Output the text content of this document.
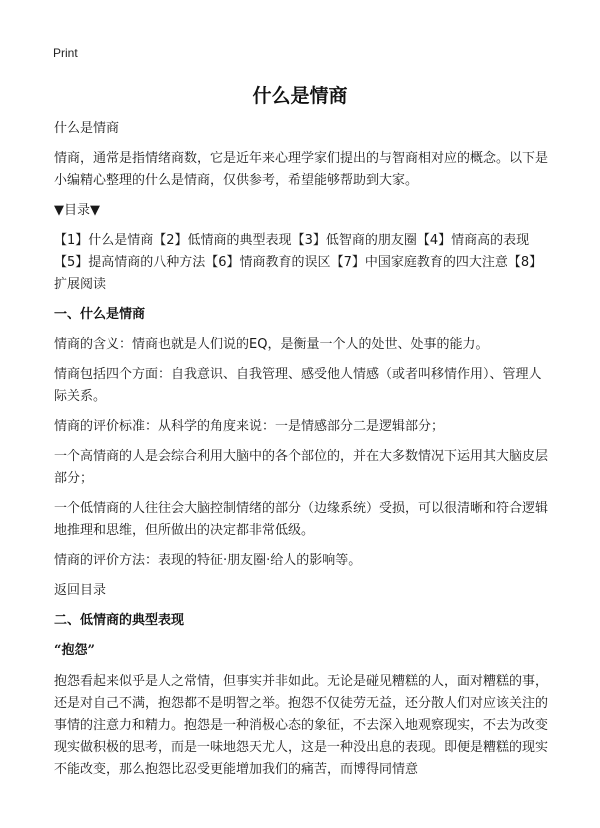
Print
什么是情商
什么是情商
情商，通常是指情绪商数，它是近年来心理学家们提出的与智商相对应的概念。以下是小编精心整理的什么是情商，仅供参考，希望能够帮助到大家。
▼目录▼
【1】什么是情商【2】低情商的典型表现【3】低智商的朋友圈【4】情商高的表现【5】提高情商的八种方法【6】情商教育的误区【7】中国家庭教育的四大注意【8】扩展阅读
一、什么是情商
情商的含义：情商也就是人们说的EQ，是衡量一个人的处世、处事的能力。
情商包括四个方面：自我意识、自我管理、感受他人情感（或者叫移情作用）、管理人际关系。
情商的评价标准：从科学的角度来说：一是情感部分二是逻辑部分；
一个高情商的人是会综合利用大脑中的各个部位的，并在大多数情况下运用其大脑皮层部分；
一个低情商的人往往会大脑控制情绪的部分（边缘系统）受损，可以很清晰和符合逻辑地推理和思维，但所做出的决定都非常低级。
情商的评价方法：表现的特征·朋友圈·给人的影响等。
返回目录
二、低情商的典型表现
“抱怨”
抱怨看起来似乎是人之常情，但事实并非如此。无论是碰见糟糕的人，面对糟糕的事，还是对自己不满，抱怨都不是明智之举。抱怨不仅徒劳无益，还分散人们对应该关注的事情的注意力和精力。抱怨是一种消极心态的象征，不去深入地观察现实，不去为改变现实做积极的思考，而是一味地怨天尤人，这是一种没出息的表现。即便是糟糕的现实不能改变，那么抱怨比忍受更能增加我们的痛苦，而博得同情意
